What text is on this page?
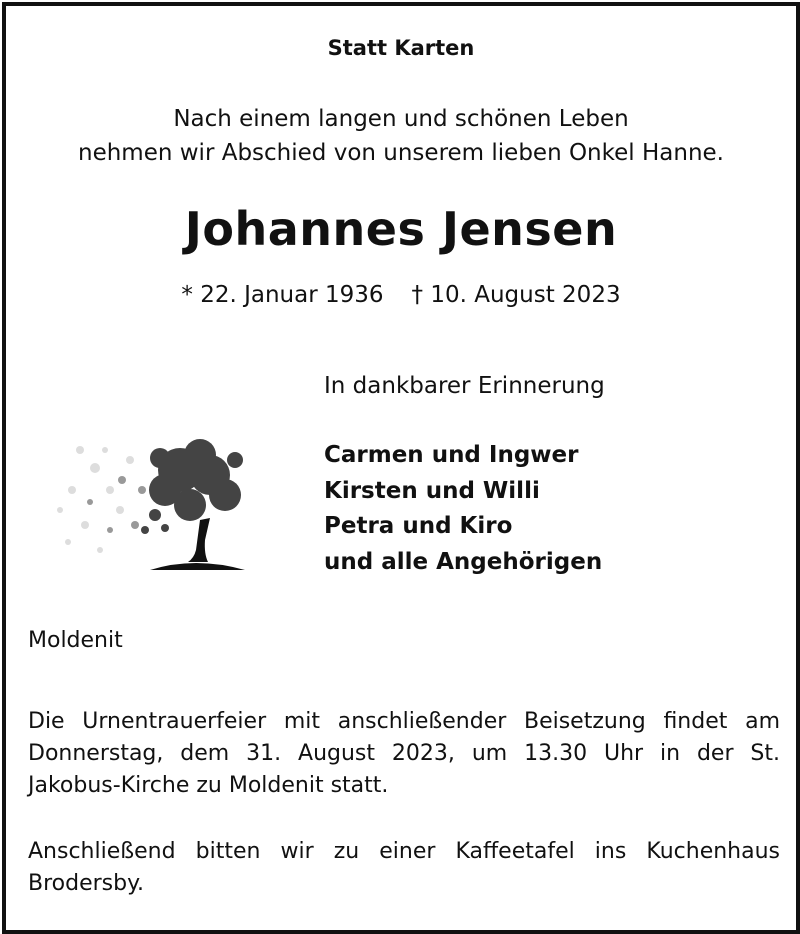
Statt Karten
Nach einem langen und schönen Leben
nehmen wir Abschied von unserem lieben Onkel Hanne.
Johannes Jensen
* 22. Januar 1936 † 10. August 2023
In dankbarer Erinnerung
Carmen und Ingwer
Kirsten und Willi
Petra und Kiro
und alle Angehörigen
Moldenit
Die Urnentrauerfeier mit anschließender Beisetzung findet am Donnerstag, dem 31. August 2023, um 13.30 Uhr in der St. Jakobus-Kirche zu Moldenit statt.
Anschließend bitten wir zu einer Kaffeetafel ins Kuchenhaus Brodersby.
